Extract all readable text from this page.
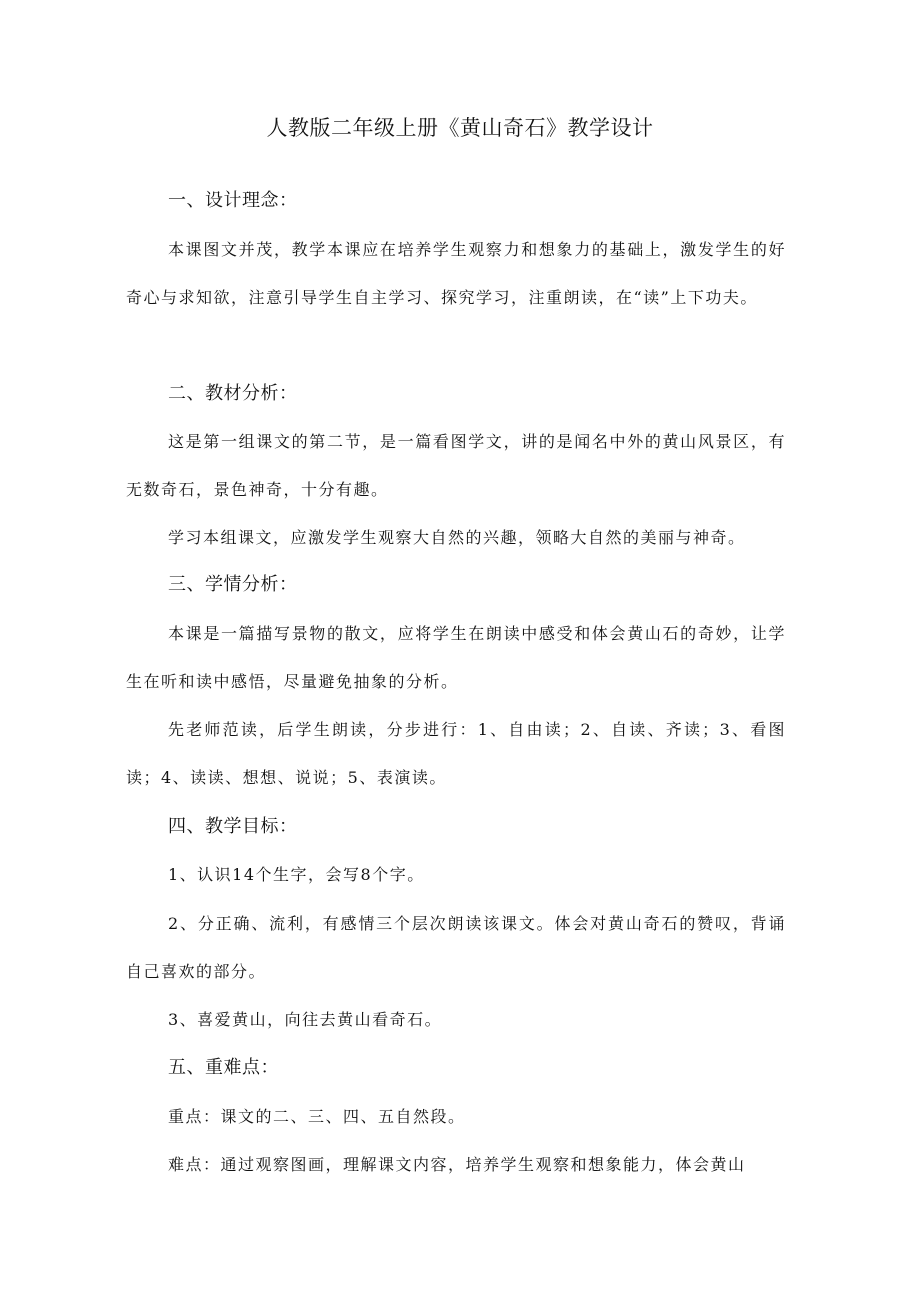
人教版二年级上册《黄山奇石》教学设计
一、设计理念：

本课图文并茂，教学本课应在培养学生观察力和想象力的基础上，激发学生的好奇心与求知欲，注意引导学生自主学习、探究学习，注重朗读，在“读”上下功夫。

二、教材分析：

这是第一组课文的第二节，是一篇看图学文，讲的是闻名中外的黄山风景区，有无数奇石，景色神奇，十分有趣。

学习本组课文，应激发学生观察大自然的兴趣，领略大自然的美丽与神奇。

三、学情分析：

本课是一篇描写景物的散文，应将学生在朗读中感受和体会黄山石的奇妙，让学生在听和读中感悟，尽量避免抽象的分析。

先老师范读，后学生朗读，分步进行：1、自由读；2、自读、齐读；3、看图读；4、读读、想想、说说；5、表演读。

四、教学目标：

1、认识14个生字，会写8个字。

2、分正确、流利，有感情三个层次朗读该课文。体会对黄山奇石的赞叹，背诵自己喜欢的部分。

3、喜爱黄山，向往去黄山看奇石。

五、重难点：

重点：课文的二、三、四、五自然段。

难点：通过观察图画，理解课文内容，培养学生观察和想象能力，体会黄山
